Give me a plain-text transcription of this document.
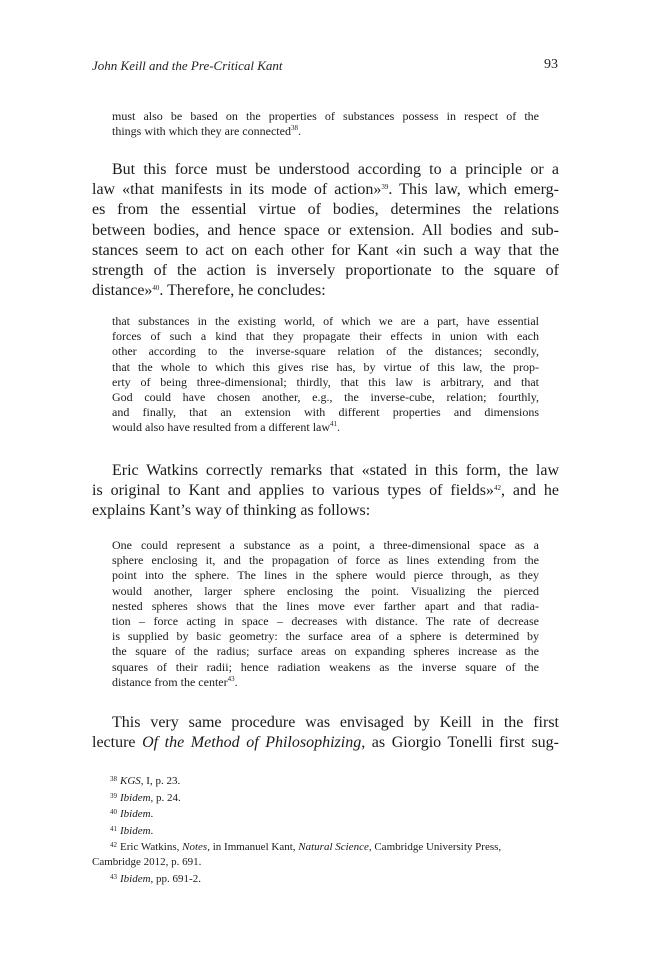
John Keill and the Pre-Critical Kant	93
must also be based on the properties of substances possess in respect of the
things with which they are connected$^{38}$.
But this force must be understood according to a principle or a
law «that manifests in its mode of action»$^{39}$. This law, which emerg-
es from the essential virtue of bodies, determines the relations
between bodies, and hence space or extension. All bodies and sub-
stances seem to act on each other for Kant «in such a way that the
strength of the action is inversely proportionate to the square of
distance»$^{40}$. Therefore, he concludes:
that substances in the existing world, of which we are a part, have essential
forces of such a kind that they propagate their effects in union with each
other according to the inverse-square relation of the distances; secondly,
that the whole to which this gives rise has, by virtue of this law, the prop-
erty of being three-dimensional; thirdly, that this law is arbitrary, and that
God could have chosen another, e.g., the inverse-cube, relation; fourthly,
and finally, that an extension with different properties and dimensions
would also have resulted from a different law$^{41}$.
Eric Watkins correctly remarks that «stated in this form, the law
is original to Kant and applies to various types of fields»$^{42}$, and he
explains Kant’s way of thinking as follows:
One could represent a substance as a point, a three-dimensional space as a
sphere enclosing it, and the propagation of force as lines extending from the
point into the sphere. The lines in the sphere would pierce through, as they
would another, larger sphere enclosing the point. Visualizing the pierced
nested spheres shows that the lines move ever farther apart and that radia-
tion – force acting in space – decreases with distance. The rate of decrease
is supplied by basic geometry: the surface area of a sphere is determined by
the square of the radius; surface areas on expanding spheres increase as the
squares of their radii; hence radiation weakens as the inverse square of the
distance from the center$^{43}$.
This very same procedure was envisaged by Keill in the first
lecture Of the Method of Philosophizing, as Giorgio Tonelli first sug-
$^{38}$ KGS, I, p. 23.
$^{39}$ Ibidem, p. 24.
$^{40}$ Ibidem.
$^{41}$ Ibidem.
$^{42}$ Eric Watkins, Notes, in Immanuel Kant, Natural Science, Cambridge University Press,
Cambridge 2012, p. 691.
$^{43}$ Ibidem, pp. 691-2.
